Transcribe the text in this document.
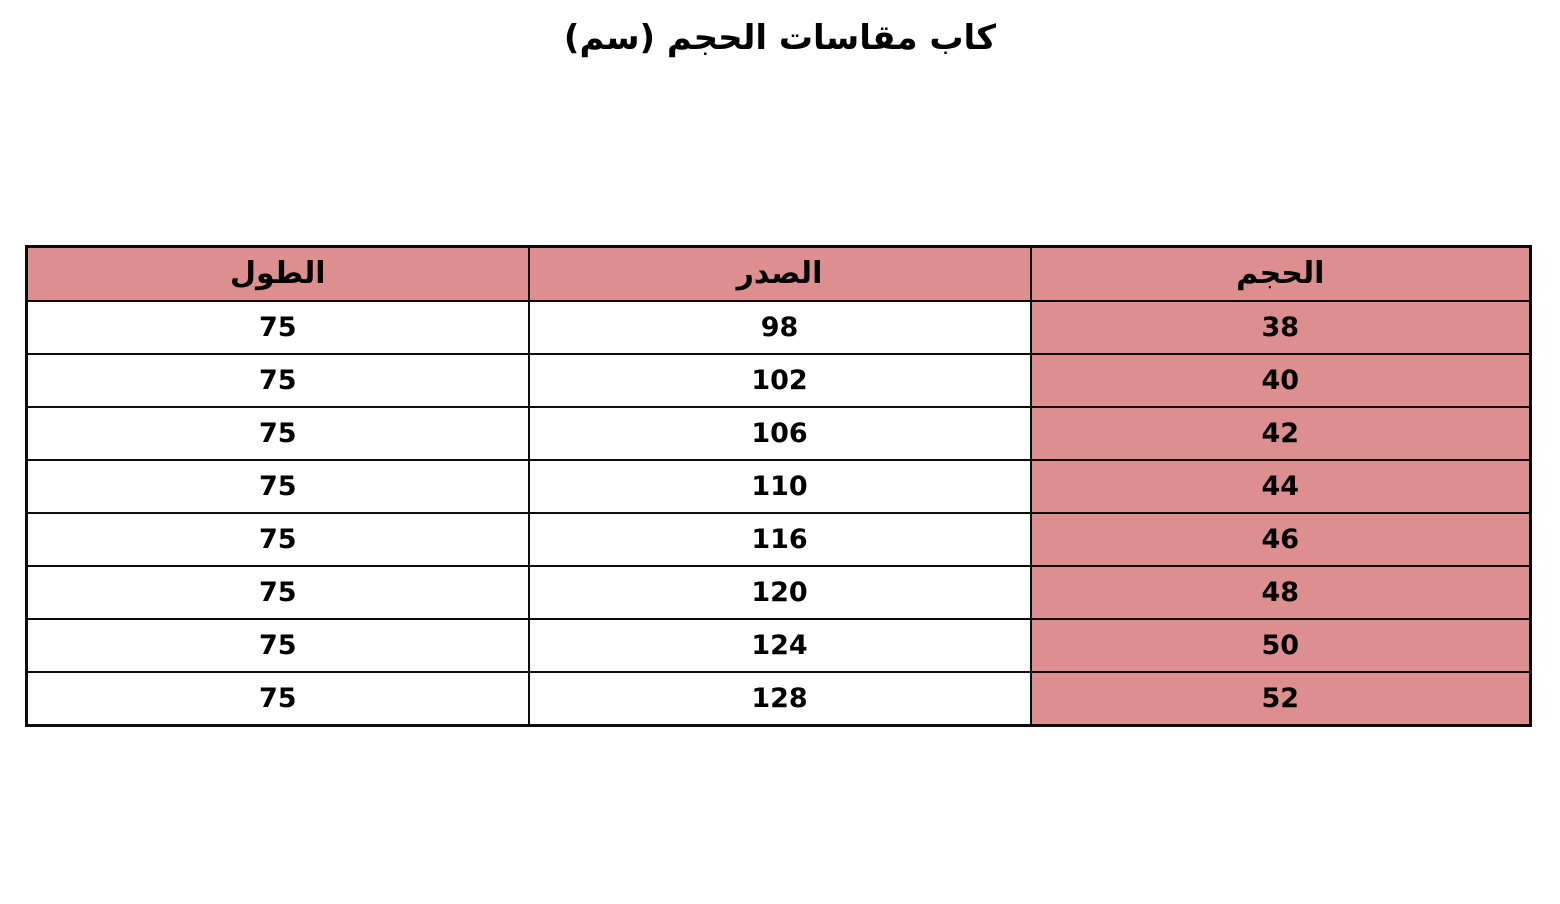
كاب مقاسات الحجم (سم)
الحجم	الصدر	الطول
38	98	75
40	102	75
42	106	75
44	110	75
46	116	75
48	120	75
50	124	75
52	128	75
